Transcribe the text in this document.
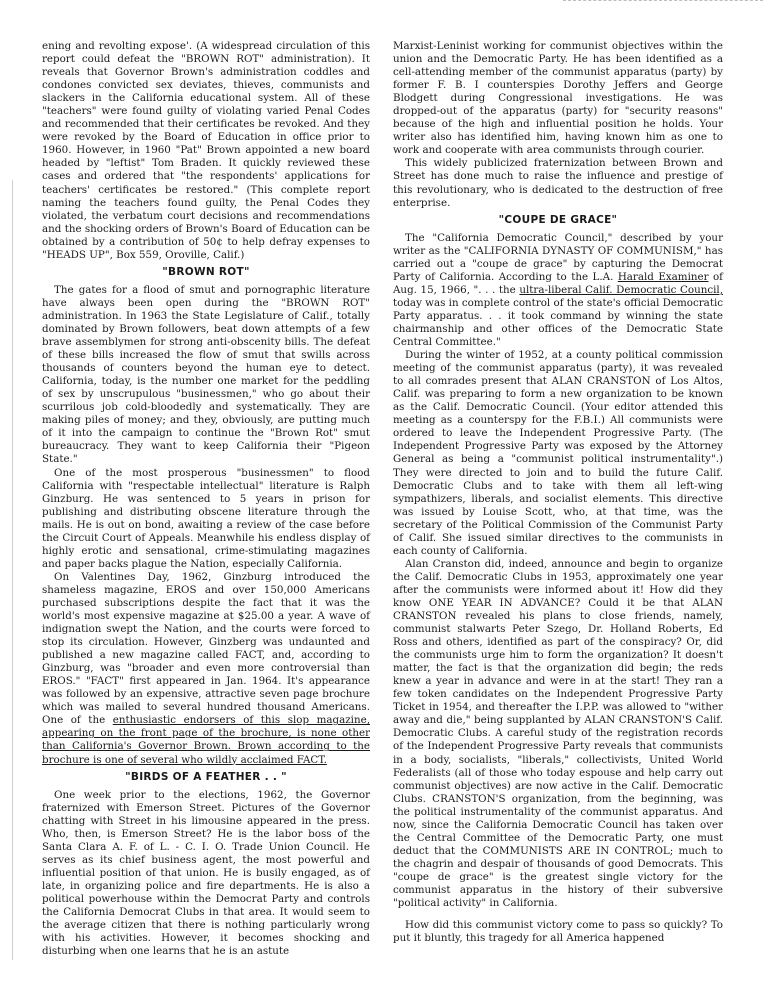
ening and revolting expose'. (A widespread circulation of this report could defeat the "BROWN ROT" administration). It reveals that Governor Brown's administration coddles and condones convicted sex deviates, thieves, communists and slackers in the California educational system. All of these "teachers" were found guilty of violating varied Penal Codes and recommended that their certificates be revoked. And they were revoked by the Board of Education in office prior to 1960. However, in 1960 "Pat" Brown appointed a new board headed by "leftist" Tom Braden. It quickly reviewed these cases and ordered that "the respondents' applications for teachers' certificates be restored." (This complete report naming the teachers found guilty, the Penal Codes they violated, the verbatum court decisions and recommendations and the shocking orders of Brown's Board of Education can be obtained by a contribution of 50¢ to help defray expenses to "HEADS UP", Box 559, Oroville, Calif.)

"BROWN ROT"

The gates for a flood of smut and pornographic literature have always been open during the "BROWN ROT" administration. In 1963 the State Legislature of Calif., totally dominated by Brown followers, beat down attempts of a few brave assemblymen for strong anti-obscenity bills. The defeat of these bills increased the flow of smut that swills across thousands of counters beyond the human eye to detect. California, today, is the number one market for the peddling of sex by unscrupulous "businessmen," who go about their scurrilous job cold-bloodedly and systematically. They are making piles of money; and they, obviously, are putting much of it into the campaign to continue the "Brown Rot" smut bureaucracy. They want to keep California their "Pigeon State."

One of the most prosperous "businessmen" to flood California with "respectable intellectual" literature is Ralph Ginzburg. He was sentenced to 5 years in prison for publishing and distributing obscene literature through the mails. He is out on bond, awaiting a review of the case before the Circuit Court of Appeals. Meanwhile his endless display of highly erotic and sensational, crime-stimulating magazines and paper backs plague the Nation, especially California.

On Valentines Day, 1962, Ginzburg introduced the shameless magazine, EROS and over 150,000 Americans purchased subscriptions despite the fact that it was the world's most expensive magazine at $25.00 a year. A wave of indignation swept the Nation, and the courts were forced to stop its circulation. However, Ginzberg was undaunted and published a new magazine called FACT, and, according to Ginzburg, was "broader and even more controversial than EROS." "FACT" first appeared in Jan. 1964. It's appearance was followed by an expensive, attractive seven page brochure which was mailed to several hundred thousand Americans. One of the enthusiastic endorsers of this slop magazine, appearing on the front page of the brochure, is none other than California's Governor Brown. Brown according to the brochure is one of several who wildly acclaimed FACT.

"BIRDS OF A FEATHER . . "

One week prior to the elections, 1962, the Governor fraternized with Emerson Street. Pictures of the Governor chatting with Street in his limousine appeared in the press. Who, then, is Emerson Street? He is the labor boss of the Santa Clara A. F. of L. - C. I. O. Trade Union Council. He serves as its chief business agent, the most powerful and influential position of that union. He is busily engaged, as of late, in organizing police and fire departments. He is also a political powerhouse within the Democrat Party and controls the California Democrat Clubs in that area. It would seem to the average citizen that there is nothing particularly wrong with his activities. However, it becomes shocking and disturbing when one learns that he is an astute

Marxist-Leninist working for communist objectives within the union and the Democratic Party. He has been identified as a cell-attending member of the communist apparatus (party) by former F. B. I counterspies Dorothy Jeffers and George Blodgett during Congressional investigations. He was dropped-out of the apparatus (party) for "security reasons" because of the high and influential position he holds. Your writer also has identified him, having known him as one to work and cooperate with area communists through courier.

This widely publicized fraternization between Brown and Street has done much to raise the influence and prestige of this revolutionary, who is dedicated to the destruction of free enterprise.

"COUPE DE GRACE"

The "California Democratic Council," described by your writer as the "CALIFORNIA DYNASTY OF COMMUNISM," has carried out a "coupe de grace" by capturing the Democrat Party of California. According to the L.A. Harald Examiner of Aug. 15, 1966, ". . . the ultra-liberal Calif. Democratic Council, today was in complete control of the state's official Democratic Party apparatus. . . it took command by winning the state chairmanship and other offices of the Democratic State Central Committee."

During the winter of 1952, at a county political commission meeting of the communist apparatus (party), it was revealed to all comrades present that ALAN CRANSTON of Los Altos, Calif. was preparing to form a new organization to be known as the Calif. Democratic Council. (Your editor attended this meeting as a counterspy for the F.B.I.) All communists were ordered to leave the Independent Progressive Party. (The Independent Progressive Party was exposed by the Attorney General as being a "communist political instrumentality".) They were directed to join and to build the future Calif. Democratic Clubs and to take with them all left-wing sympathizers, liberals, and socialist elements. This directive was issued by Louise Scott, who, at that time, was the secretary of the Political Commission of the Communist Party of Calif. She issued similar directives to the communists in each county of California.

Alan Cranston did, indeed, announce and begin to organize the Calif. Democratic Clubs in 1953, approximately one year after the communists were informed about it! How did they know ONE YEAR IN ADVANCE? Could it be that ALAN CRANSTON revealed his plans to close friends, namely, communist stalwarts Peter Szego, Dr. Holland Roberts, Ed Ross and others, identified as part of the conspiracy? Or, did the communists urge him to form the organization? It doesn't matter, the fact is that the organization did begin; the reds knew a year in advance and were in at the start! They ran a few token candidates on the Independent Progressive Party Ticket in 1954, and thereafter the I.P.P. was allowed to "wither away and die," being supplanted by ALAN CRANSTON'S Calif. Democratic Clubs. A careful study of the registration records of the Independent Progressive Party reveals that communists in a body, socialists, "liberals," collectivists, United World Federalists (all of those who today espouse and help carry out communist objectives) are now active in the Calif. Democratic Clubs. CRANSTON'S organization, from the beginning, was the political instrumentality of the communist apparatus. And now, since the California Democratic Council has taken over the Central Committee of the Democratic Party, one must deduct that the COMMUNISTS ARE IN CONTROL; much to the chagrin and despair of thousands of good Democrats. This "coupe de grace" is the greatest single victory for the communist apparatus in the history of their subversive "political activity" in California.

How did this communist victory come to pass so quickly? To put it bluntly, this tragedy for all America happened
